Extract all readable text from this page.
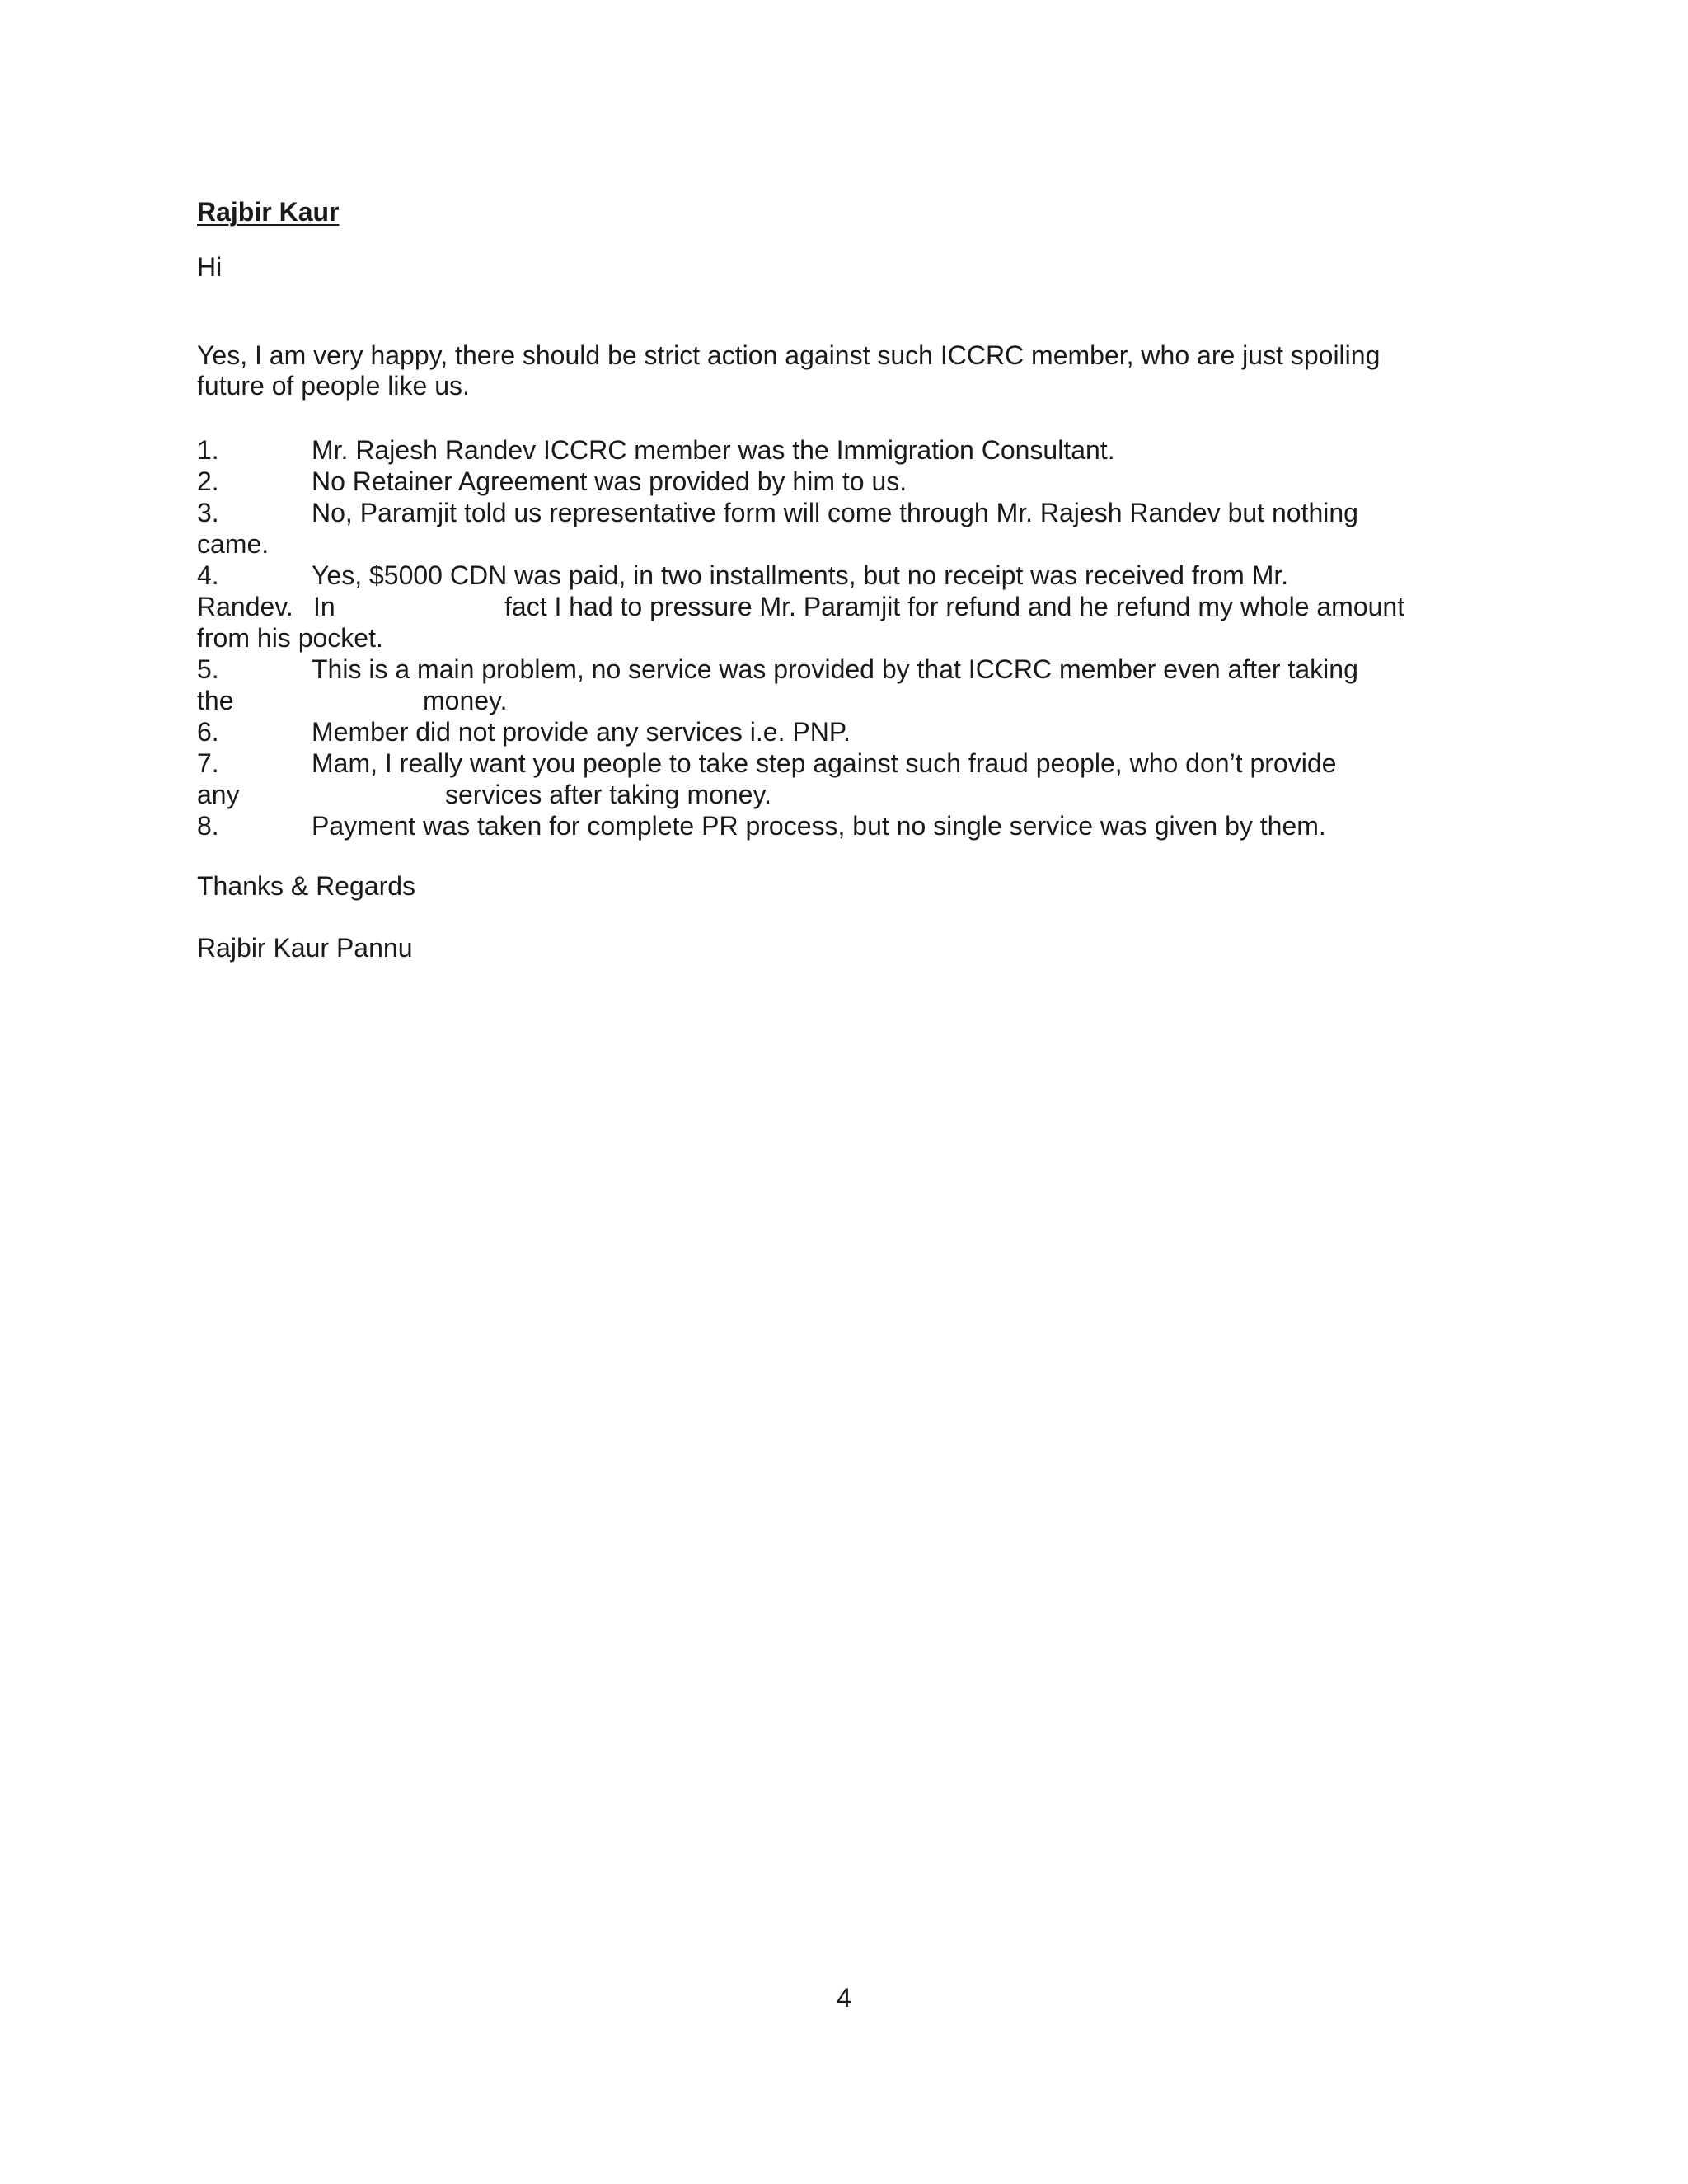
Rajbir Kaur
Hi
Yes, I am very happy, there should be strict action against such ICCRC member, who are just spoiling
future of people like us.
1.	Mr. Rajesh Randev ICCRC member was the Immigration Consultant.
2.	No Retainer Agreement was provided by him to us.
3.	No, Paramjit told us representative form will come through Mr. Rajesh Randev but nothing
came.
4.	Yes, $5000 CDN was paid, in two installments, but no receipt was received from Mr.
Randev. In	fact I had to pressure Mr. Paramjit for refund and he refund my whole amount
from his pocket.
5.	This is a main problem, no service was provided by that ICCRC member even after taking
the	money.
6.	Member did not provide any services i.e. PNP.
7.	Mam, I really want you people to take step against such fraud people, who don’t provide
any	services after taking money.
8.	Payment was taken for complete PR process, but no single service was given by them.
Thanks & Regards
Rajbir Kaur Pannu
4
